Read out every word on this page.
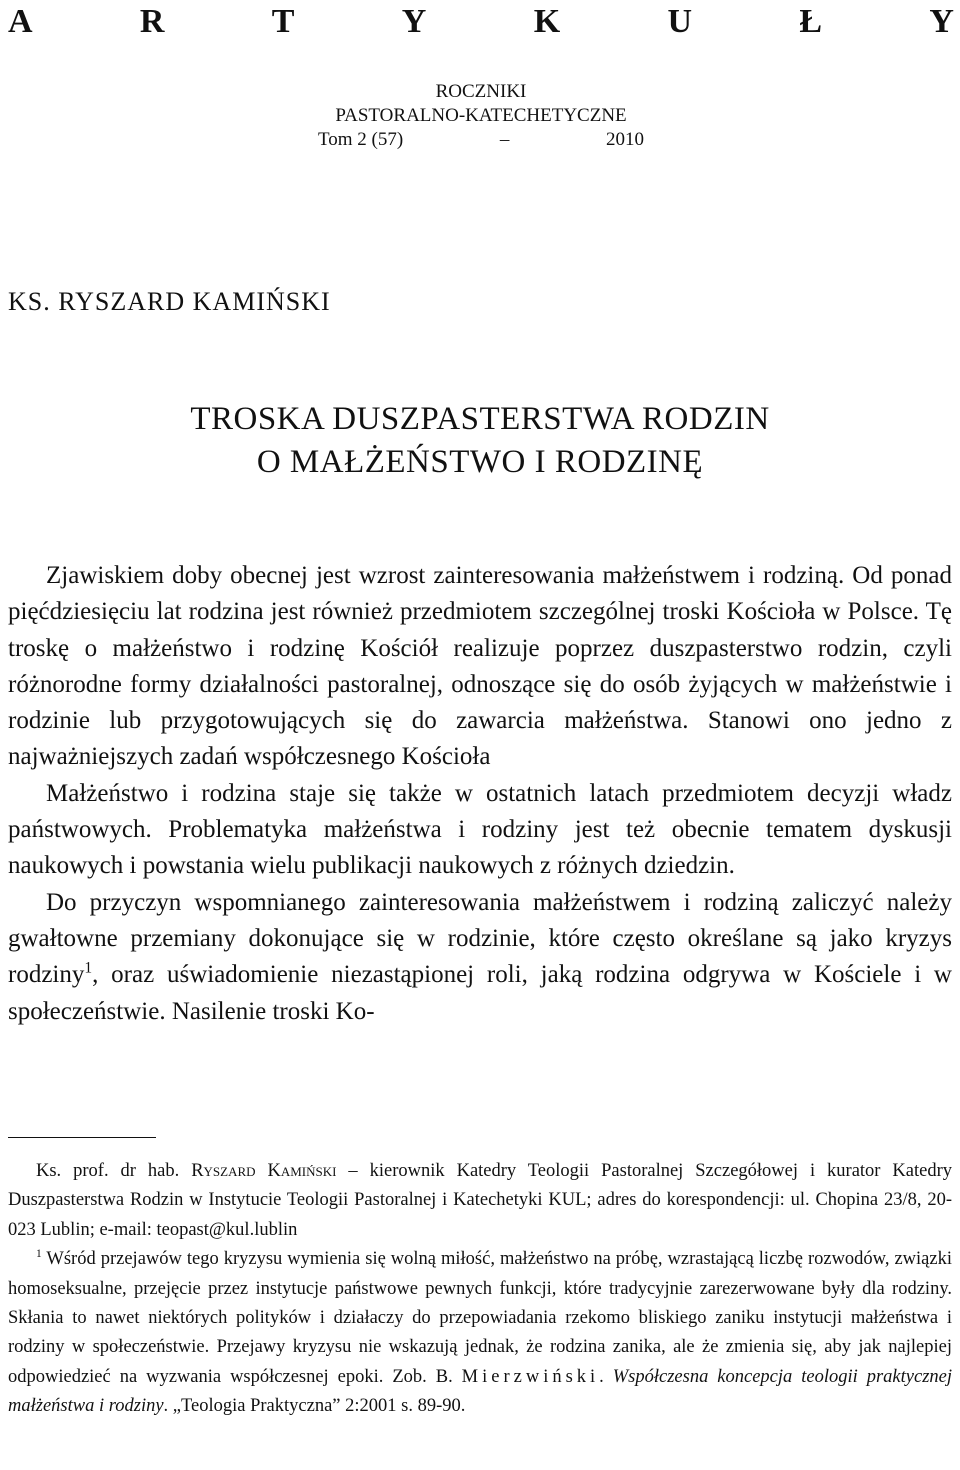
A	R	T	Y	K	U	Ł	Y
ROCZNIKI
PASTORALNO-KATECHETYCZNE
Tom 2 (57)	–	2010
KS. RYSZARD KAMIŃSKI
TROSKA DUSZPASTERSTWA RODZIN
O MAŁŻEŃSTWO I RODZINĘ

Zjawiskiem doby obecnej jest wzrost zainteresowania małżeństwem i rodziną. Od ponad pięćdziesięciu lat rodzina jest również przedmiotem szczególnej troski Kościoła w Polsce. Tę troskę o małżeństwo i rodzinę Kościół realizuje poprzez duszpasterstwo rodzin, czyli różnorodne formy działalności pastoralnej, odnoszące się do osób żyjących w małżeństwie i rodzinie lub przygotowujących się do zawarcia małżeństwa. Stanowi ono jedno z najważniejszych zadań współczesnego Kościoła

Małżeństwo i rodzina staje się także w ostatnich latach przedmiotem decyzji władz państwowych. Problematyka małżeństwa i rodziny jest też obecnie tematem dyskusji naukowych i powstania wielu publikacji naukowych z różnych dziedzin.

Do przyczyn wspomnianego zainteresowania małżeństwem i rodziną zaliczyć należy gwałtowne przemiany dokonujące się w rodzinie, które często określane są jako kryzys rodziny$^1$, oraz uświadomienie niezastąpionej roli, jaką rodzina odgrywa w Kościele i w społeczeństwie. Nasilenie troski Ko-

Ks. prof. dr hab. Ryszard Kamiński – kierownik Katedry Teologii Pastoralnej Szczegółowej i kurator Katedry Duszpasterstwa Rodzin w Instytucie Teologii Pastoralnej i Katechetyki KUL; adres do korespondencji: ul. Chopina 23/8, 20-023 Lublin; e-mail: teopast@kul.lublin

$^1$ Wśród przejawów tego kryzysu wymienia się wolną miłość, małżeństwo na próbę, wzrastającą liczbę rozwodów, związki homoseksualne, przejęcie przez instytucje państwowe pewnych funkcji, które tradycyjnie zarezerwowane były dla rodziny. Skłania to nawet niektórych polityków i działaczy do przepowiadania rzekomo bliskiego zaniku instytucji małżeństwa i rodziny w społeczeństwie. Przejawy kryzysu nie wskazują jednak, że rodzina zanika, ale że zmienia się, aby jak najlepiej odpowiedzieć na wyzwania współczesnej epoki. Zob. B. Mierzwiński. Współczesna koncepcja teologii praktycznej małżeństwa i rodziny. „Teologia Praktyczna” 2:2001 s. 89-90.
